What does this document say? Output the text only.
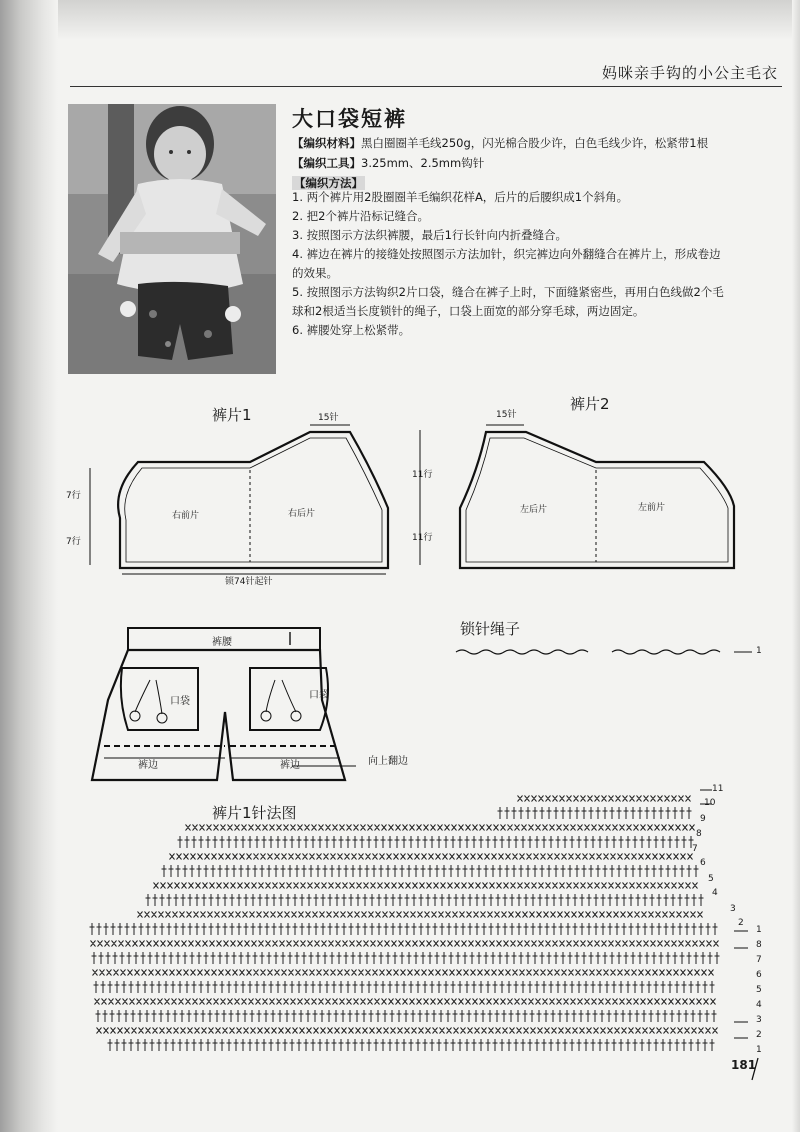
妈咪亲手钩的小公主毛衣
大口袋短裤
【编织材料】黑白圈圈羊毛线250g，闪光棉合股少许，白色毛线少许，松紧带1根
【编织工具】3.25mm、2.5mm钩针
【编织方法】
1. 两个裤片用2股圈圈羊毛编织花样A，后片的后腰织成1个斜角。
2. 把2个裤片沿标记缝合。
3. 按照图示方法织裤腰，最后1行长针向内折叠缝合。
4. 裤边在裤片的接缝处按照图示方法加针，织完裤边向外翻缝合在裤片上，形成卷边
的效果。
5. 按照图示方法钩织2片口袋，缝合在裤子上时，下面缝紧密些，再用白色线做2个毛
球和2根适当长度锁针的绳子，口袋上面宽的部分穿毛球，两边固定。
6. 裤腰处穿上松紧带。
裤片1	15针
7行
7行
右前片	右后片
锁74针起针
裤片2
15针
11行
11行
左后片	左前片
裤腰
口袋
口袋
裤边	裤边	向上翻边
锁针绳子
1
裤片1针法图
11
10
9
8
7
6
5
4
3
2
1
8
7
6
5
4
3
2
1
181
